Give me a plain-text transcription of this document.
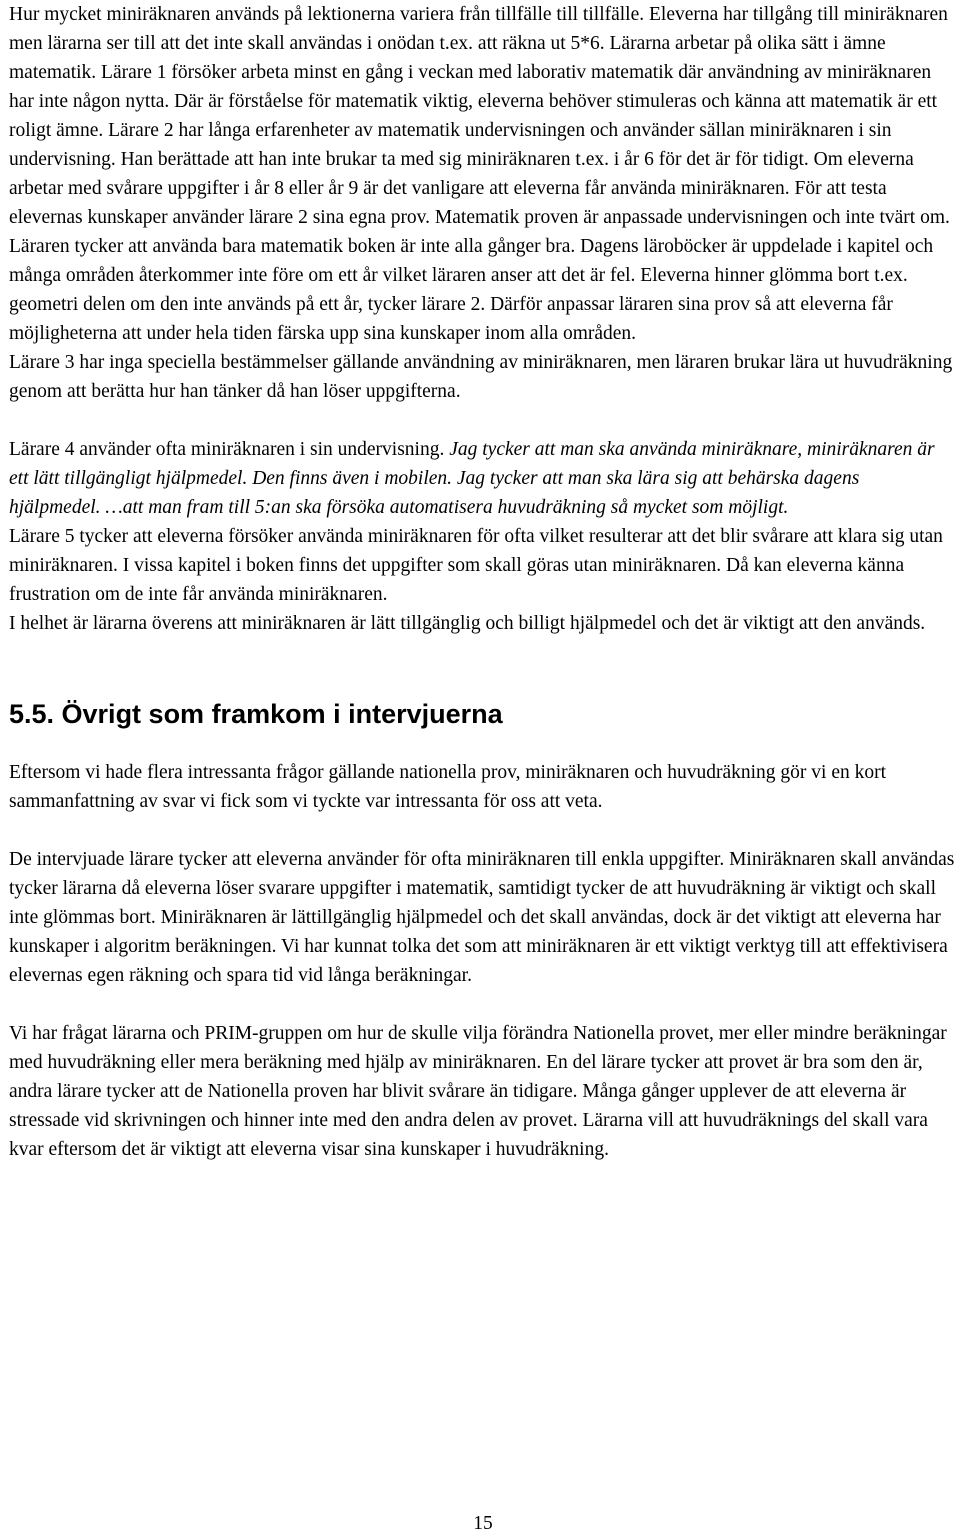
Hur mycket miniräknaren används på lektionerna variera från tillfälle till tillfälle. Eleverna har tillgång till miniräknaren men lärarna ser till att det inte skall användas i onödan t.ex. att räkna ut 5*6. Lärarna arbetar på olika sätt i ämne matematik. Lärare 1 försöker arbeta minst en gång i veckan med laborativ matematik där användning av miniräknaren har inte någon nytta. Där är förståelse för matematik viktig, eleverna behöver stimuleras och känna att matematik är ett roligt ämne. Lärare 2 har långa erfarenheter av matematik undervisningen och använder sällan miniräknaren i sin undervisning. Han berättade att han inte brukar ta med sig miniräknaren t.ex. i år 6 för det är för tidigt. Om eleverna arbetar med svårare uppgifter i år 8 eller år 9 är det vanligare att eleverna får använda miniräknaren. För att testa elevernas kunskaper använder lärare 2 sina egna prov. Matematik proven är anpassade undervisningen och inte tvärt om. Läraren tycker att använda bara matematik boken är inte alla gånger bra. Dagens läroböcker är uppdelade i kapitel och många områden återkommer inte före om ett år vilket läraren anser att det är fel. Eleverna hinner glömma bort t.ex. geometri delen om den inte används på ett år, tycker lärare 2. Därför anpassar läraren sina prov så att eleverna får möjligheterna att under hela tiden färska upp sina kunskaper inom alla områden.

Lärare 3 har inga speciella bestämmelser gällande användning av miniräknaren, men läraren brukar lära ut huvudräkning genom att berätta hur han tänker då han löser uppgifterna.

Lärare 4 använder ofta miniräknaren i sin undervisning. Jag tycker att man ska använda miniräknare, miniräknaren är ett lätt tillgängligt hjälpmedel. Den finns även i mobilen. Jag tycker att man ska lära sig att behärska dagens hjälpmedel. …att man fram till 5:an ska försöka automatisera huvudräkning så mycket som möjligt.

Lärare 5 tycker att eleverna försöker använda miniräknaren för ofta vilket resulterar att det blir svårare att klara sig utan miniräknaren. I vissa kapitel i boken finns det uppgifter som skall göras utan miniräknaren. Då kan eleverna känna frustration om de inte får använda miniräknaren.

I helhet är lärarna överens att miniräknaren är lätt tillgänglig och billigt hjälpmedel och det är viktigt att den används.

5.5. Övrigt som framkom i intervjuerna

Eftersom vi hade flera intressanta frågor gällande nationella prov, miniräknaren och huvudräkning gör vi en kort sammanfattning av svar vi fick som vi tyckte var intressanta för oss att veta.

De intervjuade lärare tycker att eleverna använder för ofta miniräknaren till enkla uppgifter. Miniräknaren skall användas tycker lärarna då eleverna löser svarare uppgifter i matematik, samtidigt tycker de att huvudräkning är viktigt och skall inte glömmas bort. Miniräknaren är lättillgänglig hjälpmedel och det skall användas, dock är det viktigt att eleverna har kunskaper i algoritm beräkningen. Vi har kunnat tolka det som att miniräknaren är ett viktigt verktyg till att effektivisera elevernas egen räkning och spara tid vid långa beräkningar.

Vi har frågat lärarna och PRIM-gruppen om hur de skulle vilja förändra Nationella provet, mer eller mindre beräkningar med huvudräkning eller mera beräkning med hjälp av miniräknaren. En del lärare tycker att provet är bra som den är, andra lärare tycker att de Nationella proven har blivit svårare än tidigare. Många gånger upplever de att eleverna är stressade vid skrivningen och hinner inte med den andra delen av provet. Lärarna vill att huvudräknings del skall vara kvar eftersom det är viktigt att eleverna visar sina kunskaper i huvudräkning.

15
